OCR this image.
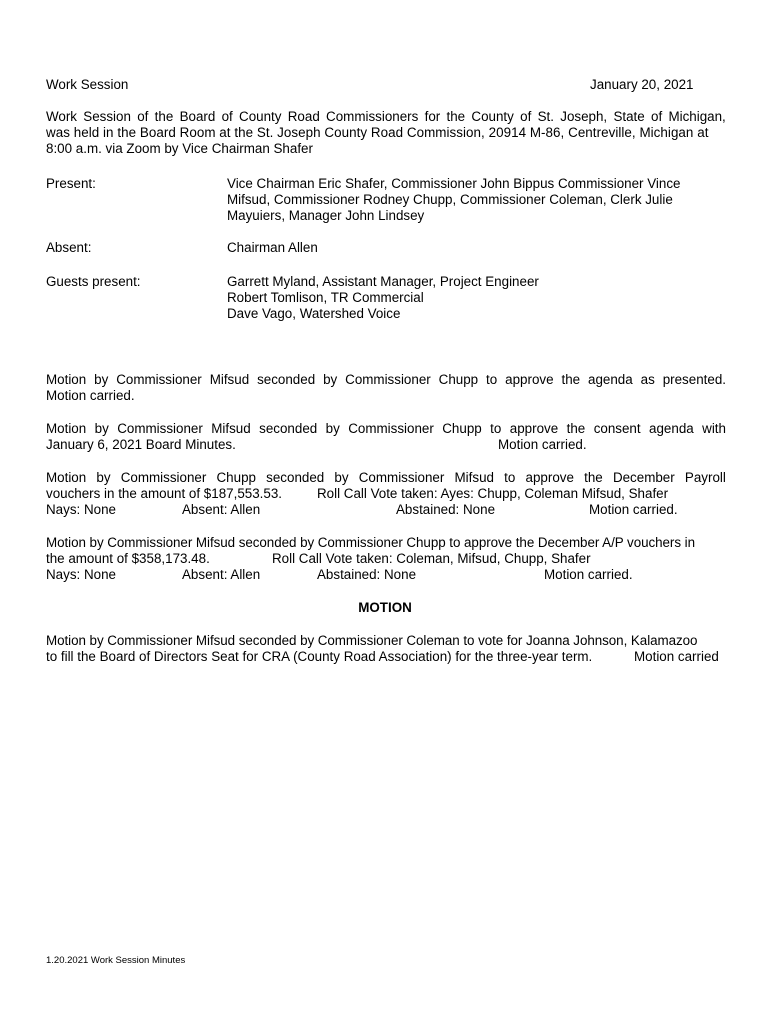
Work Session	January 20, 2021
Work Session of the Board of County Road Commissioners for the County of St. Joseph, State of Michigan,
was held in the Board Room at the St. Joseph County Road Commission, 20914 M-86, Centreville, Michigan at
8:00 a.m. via Zoom by Vice Chairman Shafer
Present:	Vice Chairman Eric Shafer, Commissioner John Bippus Commissioner Vince
Mifsud, Commissioner Rodney Chupp, Commissioner Coleman, Clerk Julie
Mayuiers, Manager John Lindsey
Absent:	Chairman Allen
Guests present:	Garrett Myland, Assistant Manager, Project Engineer
Robert Tomlison, TR Commercial
Dave Vago, Watershed Voice
Motion by Commissioner Mifsud seconded by Commissioner Chupp to approve the agenda as presented.
Motion carried.
Motion by Commissioner Mifsud seconded by Commissioner Chupp to approve the consent agenda with
January 6, 2021 Board Minutes.	Motion carried.
Motion by Commissioner Chupp seconded by Commissioner Mifsud to approve the December Payroll
vouchers in the amount of $187,553.53.	Roll Call Vote taken: Ayes: Chupp, Coleman Mifsud, Shafer
Nays: None	Absent: Allen	Abstained: None	Motion carried.
Motion by Commissioner Mifsud seconded by Commissioner Chupp to approve the December A/P vouchers in
the amount of $358,173.48.	Roll Call Vote taken: Coleman, Mifsud, Chupp, Shafer
Nays: None	Absent: Allen	Abstained: None	Motion carried.
MOTION
Motion by Commissioner Mifsud seconded by Commissioner Coleman to vote for Joanna Johnson, Kalamazoo
to fill the Board of Directors Seat for CRA (County Road Association) for the three-year term.	Motion carried
1.20.2021 Work Session Minutes
